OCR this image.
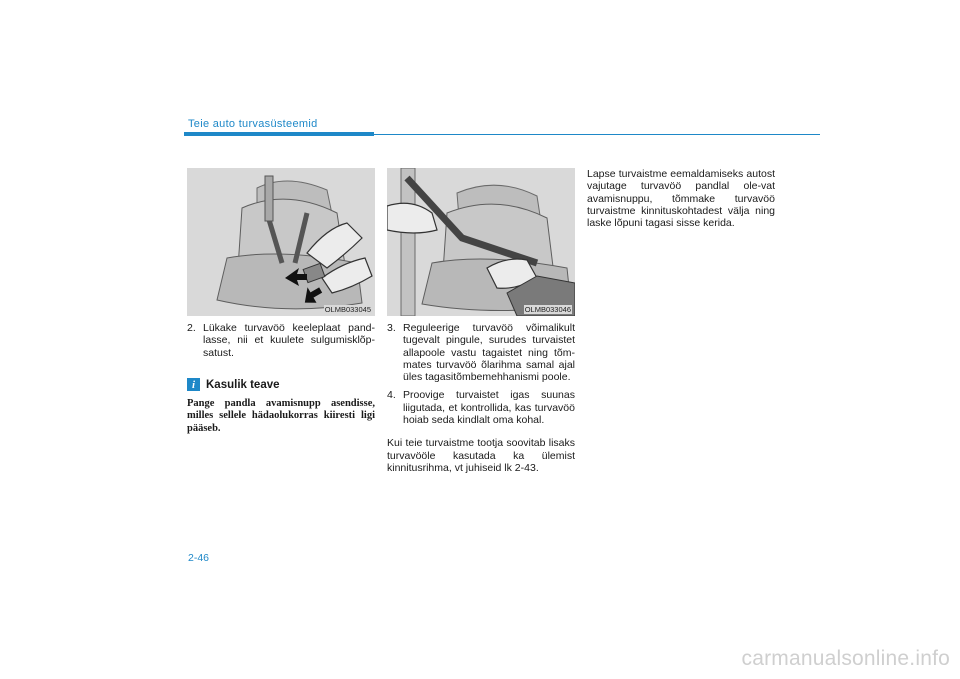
Teie auto turvasüsteemid
OLMB033045	OLMB033046
2. Lükake turvavöö keeleplaat pand-lasse, nii et kuulete sulgumisklõp-satust.
i Kasulik teave
Pange pandla avamisnupp asendisse, milles sellele hädaolukorras kiiresti ligi pääseb.
3. Reguleerige turvavöö võimalikult tugevalt pingule, surudes turvaistet allapoole vastu tagaistet ning tõm-mates turvavöö õlarihma samal ajal üles tagasitõmbemehhanismi poole.
4. Proovige turvaistet igas suunas liigutada, et kontrollida, kas turvavöö hoiab seda kindlalt oma kohal.
Kui teie turvaistme tootja soovitab lisaks turvavööle kasutada ka ülemist kinnitusrihma, vt juhiseid lk 2-43.
Lapse turvaistme eemaldamiseks autost vajutage turvavöö pandlal ole-vat avamisnuppu, tõmmake turvavöö turvaistme kinnituskohtadest välja ning laske lõpuni tagasi sisse kerida.
2-46
carmanualsonline.info
